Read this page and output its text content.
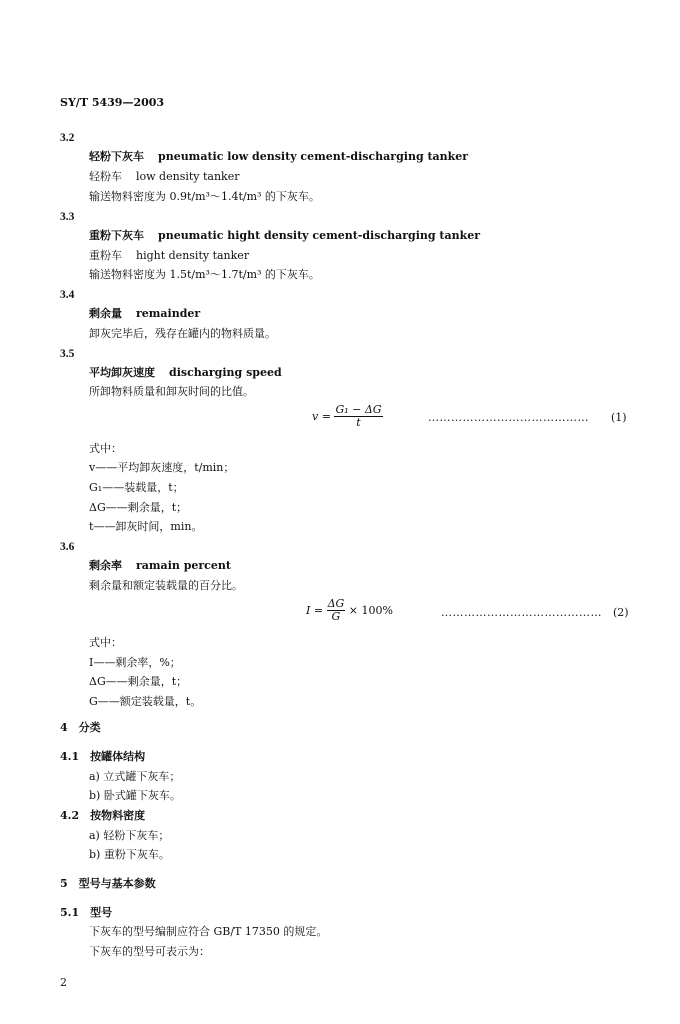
SY/T 5439—2003
3.2
轻粉下灰车 pneumatic low density cement-discharging tanker
轻粉车 low density tanker
输送物料密度为 0.9t/m³～1.4t/m³ 的下灰车。
3.3
重粉下灰车 pneumatic hight density cement-discharging tanker
重粉车 hight density tanker
输送物料密度为 1.5t/m³～1.7t/m³ 的下灰车。
3.4
剩余量 remainder
卸灰完毕后，残存在罐内的物料质量。
3.5
平均卸灰速度 discharging speed
所卸物料质量和卸灰时间的比值。
$v = \frac{\text{G₁ − ΔG}}{t}$	…………………………………… (1)
式中：
v——平均卸灰速度，t/min；
G₁——装载量，t；
ΔG——剩余量，t；
t——卸灰时间，min。
3.6
剩余率 ramain percent
剩余量和额定装载量的百分比。
$I = \frac{\Delta G}{G} \times 100\%$	…………………………………… (2)
式中：
I——剩余率，%；
ΔG——剩余量，t；
G——额定装载量，t。
4　分类
4.1　按罐体结构
a) 立式罐下灰车；
b) 卧式罐下灰车。
4.2　按物料密度
a) 轻粉下灰车；
b) 重粉下灰车。
5　型号与基本参数
5.1　型号
下灰车的型号编制应符合 GB/T 17350 的规定。
下灰车的型号可表示为：
2
